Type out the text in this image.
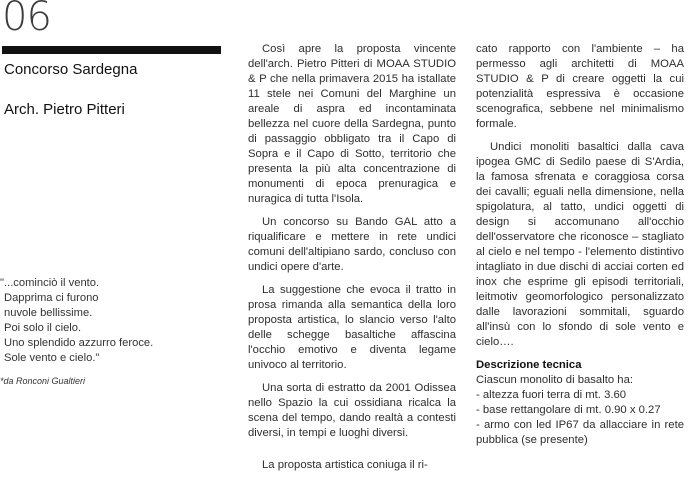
06
Concorso Sardegna
Arch. Pietro Pitteri
"...cominciò il vento.
Dapprima ci furono
nuvole bellissime.
Poi solo il cielo.
Uno splendido azzurro feroce.
Sole vento e cielo."
*da Ronconi Gualtieri

Così apre la proposta vincente dell'arch. Pietro Pitteri di MOAA STUDIO & P che nella primavera 2015 ha istallate 11 stele nei Comuni del Marghine un areale di aspra ed incontaminata bellezza nel cuore della Sardegna, punto di passaggio obbligato tra il Capo di Sopra e il Capo di Sotto, territorio che presenta la più alta concentrazione di monumenti di epoca prenuragica e nuragica di tutta l'Isola.

Un concorso su Bando GAL atto a riqualificare e mettere in rete undici comuni dell'altipiano sardo, concluso con undici opere d'arte.

La suggestione che evoca il tratto in prosa rimanda alla semantica della loro proposta artistica, lo slancio verso l'alto delle schegge basaltiche affascina l'occhio emotivo e diventa legame univoco al territorio.

Una sorta di estratto da 2001 Odissea nello Spazio la cui ossidiana ricalca la scena del tempo, dando realtà a contesti diversi, in tempi e luoghi diversi.

La proposta artistica coniuga il ri-

cato rapporto con l'ambiente – ha permesso agli architetti di MOAA STUDIO & P di creare oggetti la cui potenzialità espressiva è occasione scenografica, sebbene nel minimalismo formale.

Undici monoliti basaltici dalla cava ipogea GMC di Sedilo paese di S'Ardia, la famosa sfrenata e coraggiosa corsa dei cavalli; eguali nella dimensione, nella spigolatura, al tatto, undici oggetti di design si accomunano all'occhio dell'osservatore che riconosce – stagliato al cielo e nel tempo - l'elemento distintivo intagliato in due dischi di acciai corten ed inox che esprime gli episodi territoriali, leitmotiv geomorfologico personalizzato dalle lavorazioni sommitali, sguardo all'insù con lo sfondo di sole vento e cielo….

Descrizione tecnica
Ciascun monolito di basalto ha:
- altezza fuori terra di mt. 3.60
- base rettangolare di mt. 0.90 x 0.27
- armo con led IP67 da allacciare in rete pubblica (se presente)
